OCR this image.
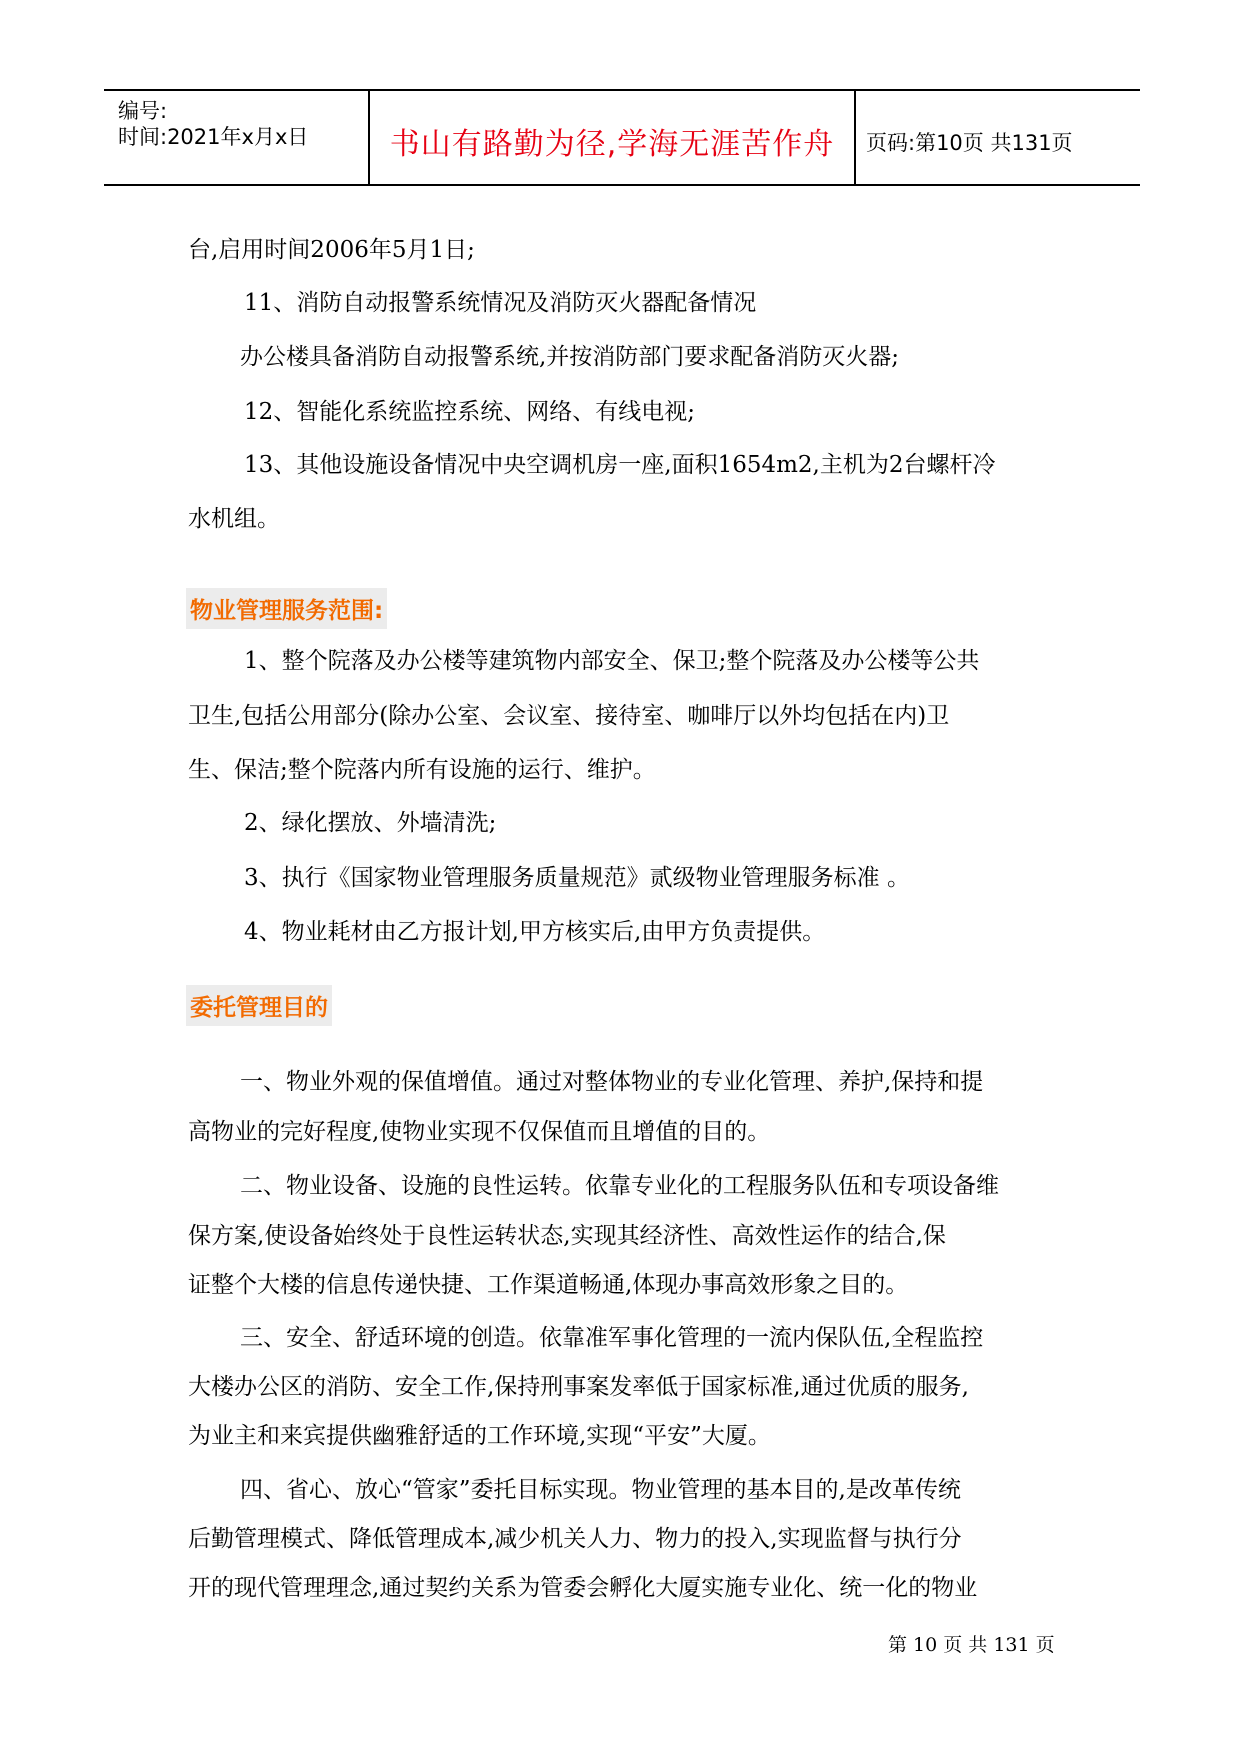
编号:
时间:2021年x月x日	书山有路勤为径,学海无涯苦作舟	页码:第10页 共131页
台,启用时间2006年5月1日;
11、消防自动报警系统情况及消防灭火器配备情况
办公楼具备消防自动报警系统,并按消防部门要求配备消防灭火器;
12、智能化系统监控系统、网络、有线电视;
13、其他设施设备情况中央空调机房一座,面积1654m2,主机为2台螺杆冷
水机组。
物业管理服务范围:
1、整个院落及办公楼等建筑物内部安全、保卫;整个院落及办公楼等公共
卫生,包括公用部分(除办公室、会议室、接待室、咖啡厅以外均包括在内)卫
生、保洁;整个院落内所有设施的运行、维护。
2、绿化摆放、外墙清洗;
3、执行《国家物业管理服务质量规范》贰级物业管理服务标准 。
4、物业耗材由乙方报计划,甲方核实后,由甲方负责提供。
委托管理目的
一、物业外观的保值增值。通过对整体物业的专业化管理、养护,保持和提
高物业的完好程度,使物业实现不仅保值而且增值的目的。
二、物业设备、设施的良性运转。依靠专业化的工程服务队伍和专项设备维
保方案,使设备始终处于良性运转状态,实现其经济性、高效性运作的结合,保
证整个大楼的信息传递快捷、工作渠道畅通,体现办事高效形象之目的。
三、安全、舒适环境的创造。依靠准军事化管理的一流内保队伍,全程监控
大楼办公区的消防、安全工作,保持刑事案发率低于国家标准,通过优质的服务,
为业主和来宾提供幽雅舒适的工作环境,实现“平安”大厦。
四、省心、放心“管家”委托目标实现。物业管理的基本目的,是改革传统
后勤管理模式、降低管理成本,减少机关人力、物力的投入,实现监督与执行分
开的现代管理理念,通过契约关系为管委会孵化大厦实施专业化、统一化的物业
第 10 页 共 131 页
